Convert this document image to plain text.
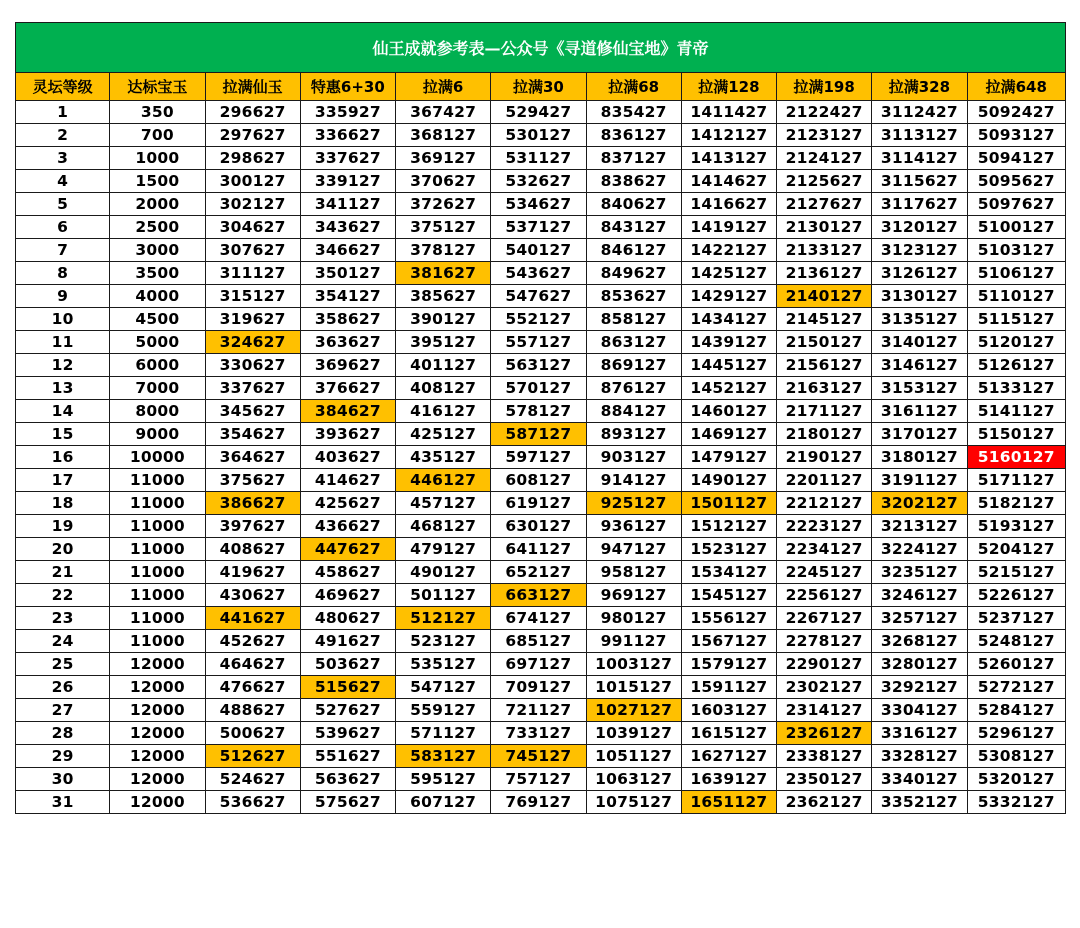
仙王成就参考表—公众号《寻道修仙宝地》青帝										
灵坛等级	达标宝玉	拉满仙玉	特惠6+30	拉满6	拉满30	拉满68	拉满128	拉满198	拉满328	拉满648
1	350	296627	335927	367427	529427	835427	1411427	2122427	3112427	5092427
2	700	297627	336627	368127	530127	836127	1412127	2123127	3113127	5093127
3	1000	298627	337627	369127	531127	837127	1413127	2124127	3114127	5094127
4	1500	300127	339127	370627	532627	838627	1414627	2125627	3115627	5095627
5	2000	302127	341127	372627	534627	840627	1416627	2127627	3117627	5097627
6	2500	304627	343627	375127	537127	843127	1419127	2130127	3120127	5100127
7	3000	307627	346627	378127	540127	846127	1422127	2133127	3123127	5103127
8	3500	311127	350127	381627	543627	849627	1425127	2136127	3126127	5106127
9	4000	315127	354127	385627	547627	853627	1429127	2140127	3130127	5110127
10	4500	319627	358627	390127	552127	858127	1434127	2145127	3135127	5115127
11	5000	324627	363627	395127	557127	863127	1439127	2150127	3140127	5120127
12	6000	330627	369627	401127	563127	869127	1445127	2156127	3146127	5126127
13	7000	337627	376627	408127	570127	876127	1452127	2163127	3153127	5133127
14	8000	345627	384627	416127	578127	884127	1460127	2171127	3161127	5141127
15	9000	354627	393627	425127	587127	893127	1469127	2180127	3170127	5150127
16	10000	364627	403627	435127	597127	903127	1479127	2190127	3180127	5160127
17	11000	375627	414627	446127	608127	914127	1490127	2201127	3191127	5171127
18	11000	386627	425627	457127	619127	925127	1501127	2212127	3202127	5182127
19	11000	397627	436627	468127	630127	936127	1512127	2223127	3213127	5193127
20	11000	408627	447627	479127	641127	947127	1523127	2234127	3224127	5204127
21	11000	419627	458627	490127	652127	958127	1534127	2245127	3235127	5215127
22	11000	430627	469627	501127	663127	969127	1545127	2256127	3246127	5226127
23	11000	441627	480627	512127	674127	980127	1556127	2267127	3257127	5237127
24	11000	452627	491627	523127	685127	991127	1567127	2278127	3268127	5248127
25	12000	464627	503627	535127	697127	1003127	1579127	2290127	3280127	5260127
26	12000	476627	515627	547127	709127	1015127	1591127	2302127	3292127	5272127
27	12000	488627	527627	559127	721127	1027127	1603127	2314127	3304127	5284127
28	12000	500627	539627	571127	733127	1039127	1615127	2326127	3316127	5296127
29	12000	512627	551627	583127	745127	1051127	1627127	2338127	3328127	5308127
30	12000	524627	563627	595127	757127	1063127	1639127	2350127	3340127	5320127
31	12000	536627	575627	607127	769127	1075127	1651127	2362127	3352127	5332127
